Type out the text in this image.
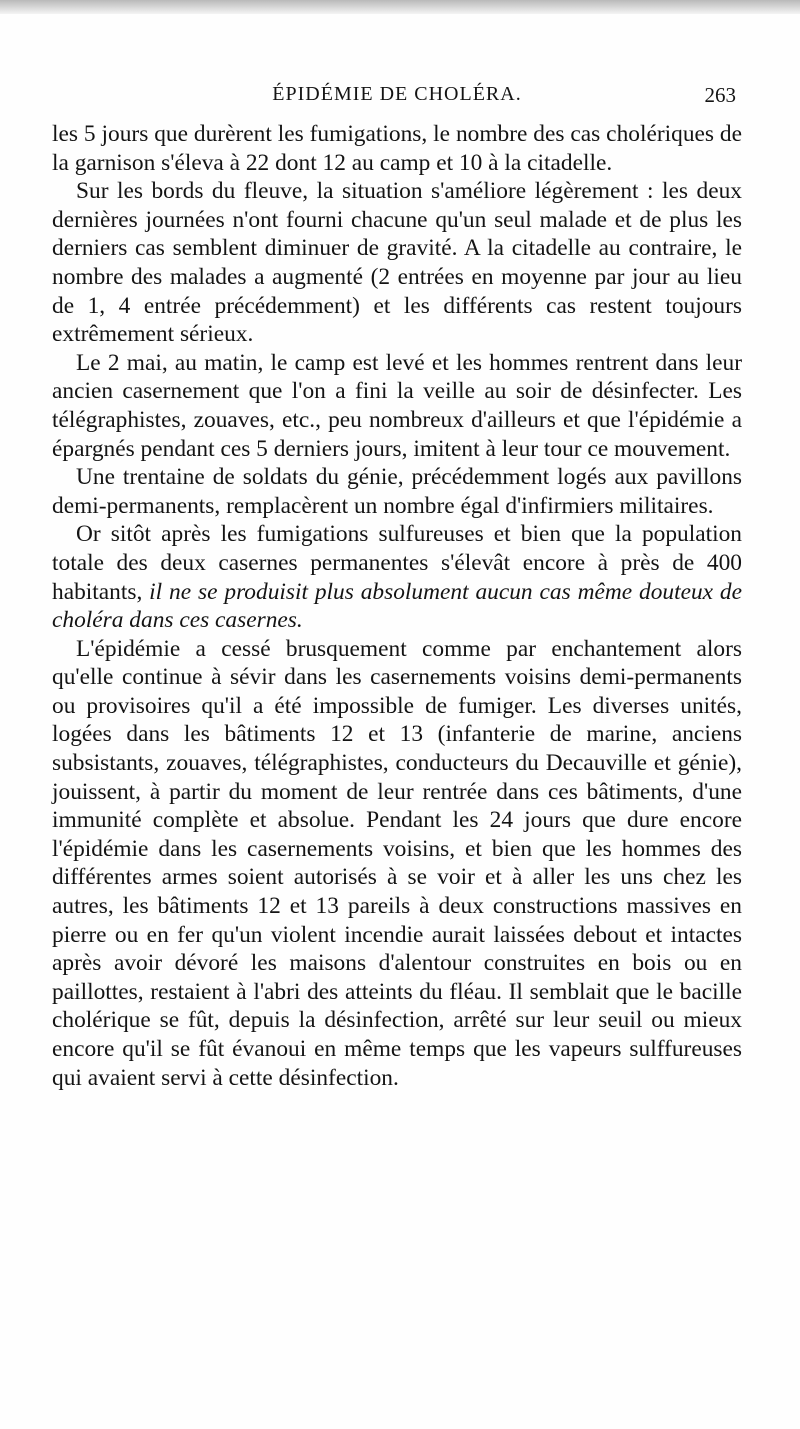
ÉPIDÉMIE DE CHOLÉRA.	263

les 5 jours que durèrent les fumigations, le nombre des cas cholériques de la garnison s'éleva à 22 dont 12 au camp et 10 à la citadelle.

Sur les bords du fleuve, la situation s'améliore légèrement : les deux dernières journées n'ont fourni chacune qu'un seul malade et de plus les derniers cas semblent diminuer de gravité. A la citadelle au contraire, le nombre des malades a augmenté (2 entrées en moyenne par jour au lieu de 1, 4 entrée précédemment) et les différents cas restent toujours extrêmement sérieux.

Le 2 mai, au matin, le camp est levé et les hommes rentrent dans leur ancien casernement que l'on a fini la veille au soir de désinfecter. Les télégraphistes, zouaves, etc., peu nombreux d'ailleurs et que l'épidémie a épargnés pendant ces 5 derniers jours, imitent à leur tour ce mouvement.

Une trentaine de soldats du génie, précédemment logés aux pavillons demi-permanents, remplacèrent un nombre égal d'infirmiers militaires.

Or sitôt après les fumigations sulfureuses et bien que la population totale des deux casernes permanentes s'élevât encore à près de 400 habitants, il ne se produisit plus absolument aucun cas même douteux de choléra dans ces casernes.

L'épidémie a cessé brusquement comme par enchantement alors qu'elle continue à sévir dans les casernements voisins demi-permanents ou provisoires qu'il a été impossible de fumiger. Les diverses unités, logées dans les bâtiments 12 et 13 (infanterie de marine, anciens subsistants, zouaves, télégraphistes, conducteurs du Decauville et génie), jouissent, à partir du moment de leur rentrée dans ces bâtiments, d'une immunité complète et absolue. Pendant les 24 jours que dure encore l'épidémie dans les casernements voisins, et bien que les hommes des différentes armes soient autorisés à se voir et à aller les uns chez les autres, les bâtiments 12 et 13 pareils à deux constructions massives en pierre ou en fer qu'un violent incendie aurait laissées debout et intactes après avoir dévoré les maisons d'alentour construites en bois ou en paillottes, restaient à l'abri des atteints du fléau. Il semblait que le bacille cholérique se fût, depuis la désinfection, arrêté sur leur seuil ou mieux encore qu'il se fût évanoui en même temps que les vapeurs sulffureuses qui avaient servi à cette désinfection.
